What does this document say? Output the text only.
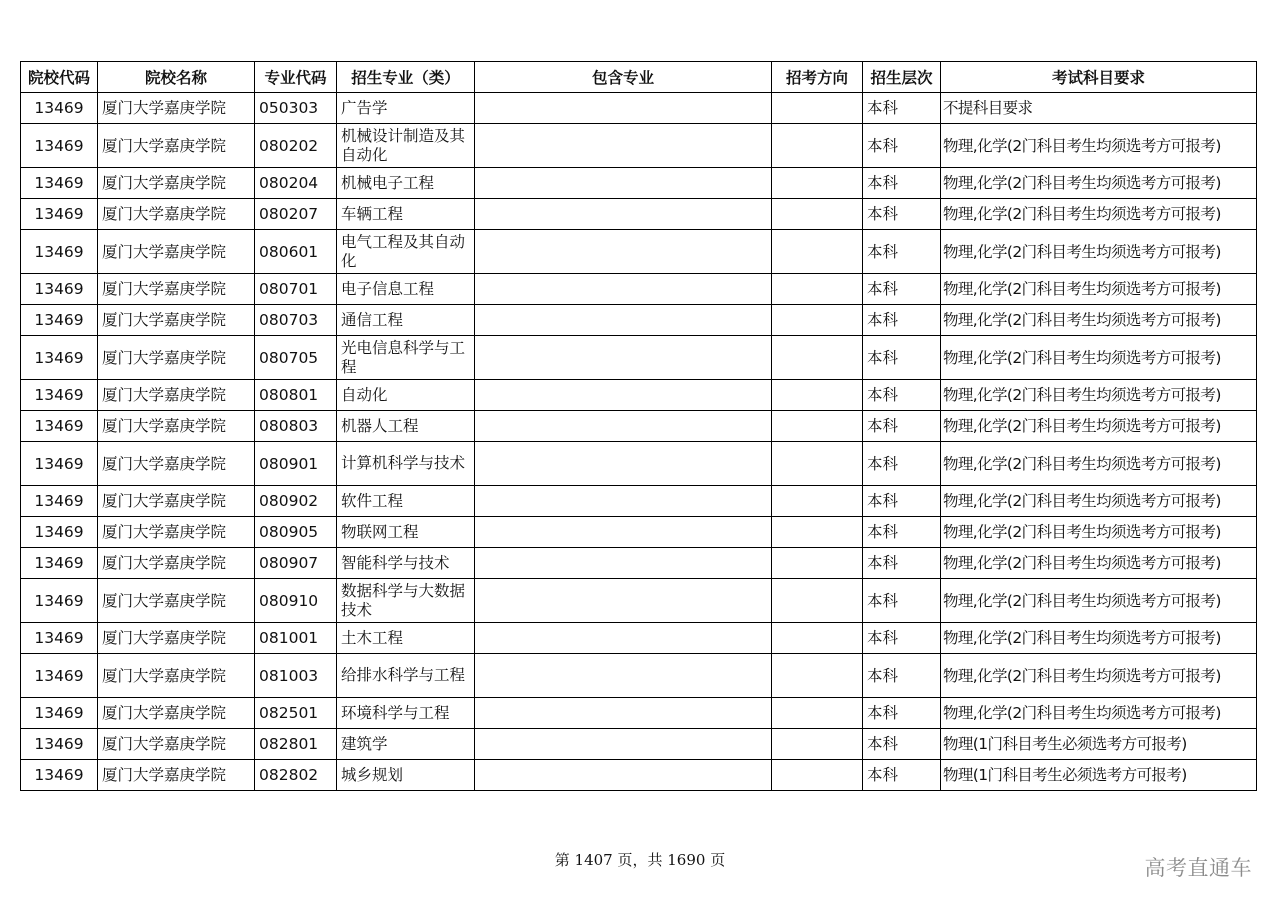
院校代码	院校名称	专业代码	招生专业（类）	包含专业	招考方向	招生层次	考试科目要求
13469	厦门大学嘉庚学院	050303	广告学			本科	不提科目要求
13469	厦门大学嘉庚学院	080202	机械设计制造及其自动化			本科	物理,化学(2门科目考生均须选考方可报考)
13469	厦门大学嘉庚学院	080204	机械电子工程			本科	物理,化学(2门科目考生均须选考方可报考)
13469	厦门大学嘉庚学院	080207	车辆工程			本科	物理,化学(2门科目考生均须选考方可报考)
13469	厦门大学嘉庚学院	080601	电气工程及其自动化			本科	物理,化学(2门科目考生均须选考方可报考)
13469	厦门大学嘉庚学院	080701	电子信息工程			本科	物理,化学(2门科目考生均须选考方可报考)
13469	厦门大学嘉庚学院	080703	通信工程			本科	物理,化学(2门科目考生均须选考方可报考)
13469	厦门大学嘉庚学院	080705	光电信息科学与工程			本科	物理,化学(2门科目考生均须选考方可报考)
13469	厦门大学嘉庚学院	080801	自动化			本科	物理,化学(2门科目考生均须选考方可报考)
13469	厦门大学嘉庚学院	080803	机器人工程			本科	物理,化学(2门科目考生均须选考方可报考)
13469	厦门大学嘉庚学院	080901	计算机科学与技术			本科	物理,化学(2门科目考生均须选考方可报考)
13469	厦门大学嘉庚学院	080902	软件工程			本科	物理,化学(2门科目考生均须选考方可报考)
13469	厦门大学嘉庚学院	080905	物联网工程			本科	物理,化学(2门科目考生均须选考方可报考)
13469	厦门大学嘉庚学院	080907	智能科学与技术			本科	物理,化学(2门科目考生均须选考方可报考)
13469	厦门大学嘉庚学院	080910	数据科学与大数据技术			本科	物理,化学(2门科目考生均须选考方可报考)
13469	厦门大学嘉庚学院	081001	土木工程			本科	物理,化学(2门科目考生均须选考方可报考)
13469	厦门大学嘉庚学院	081003	给排水科学与工程			本科	物理,化学(2门科目考生均须选考方可报考)
13469	厦门大学嘉庚学院	082501	环境科学与工程			本科	物理,化学(2门科目考生均须选考方可报考)
13469	厦门大学嘉庚学院	082801	建筑学			本科	物理(1门科目考生必须选考方可报考)
13469	厦门大学嘉庚学院	082802	城乡规划			本科	物理(1门科目考生必须选考方可报考)
第 1407 页，共 1690 页	高考直通车
